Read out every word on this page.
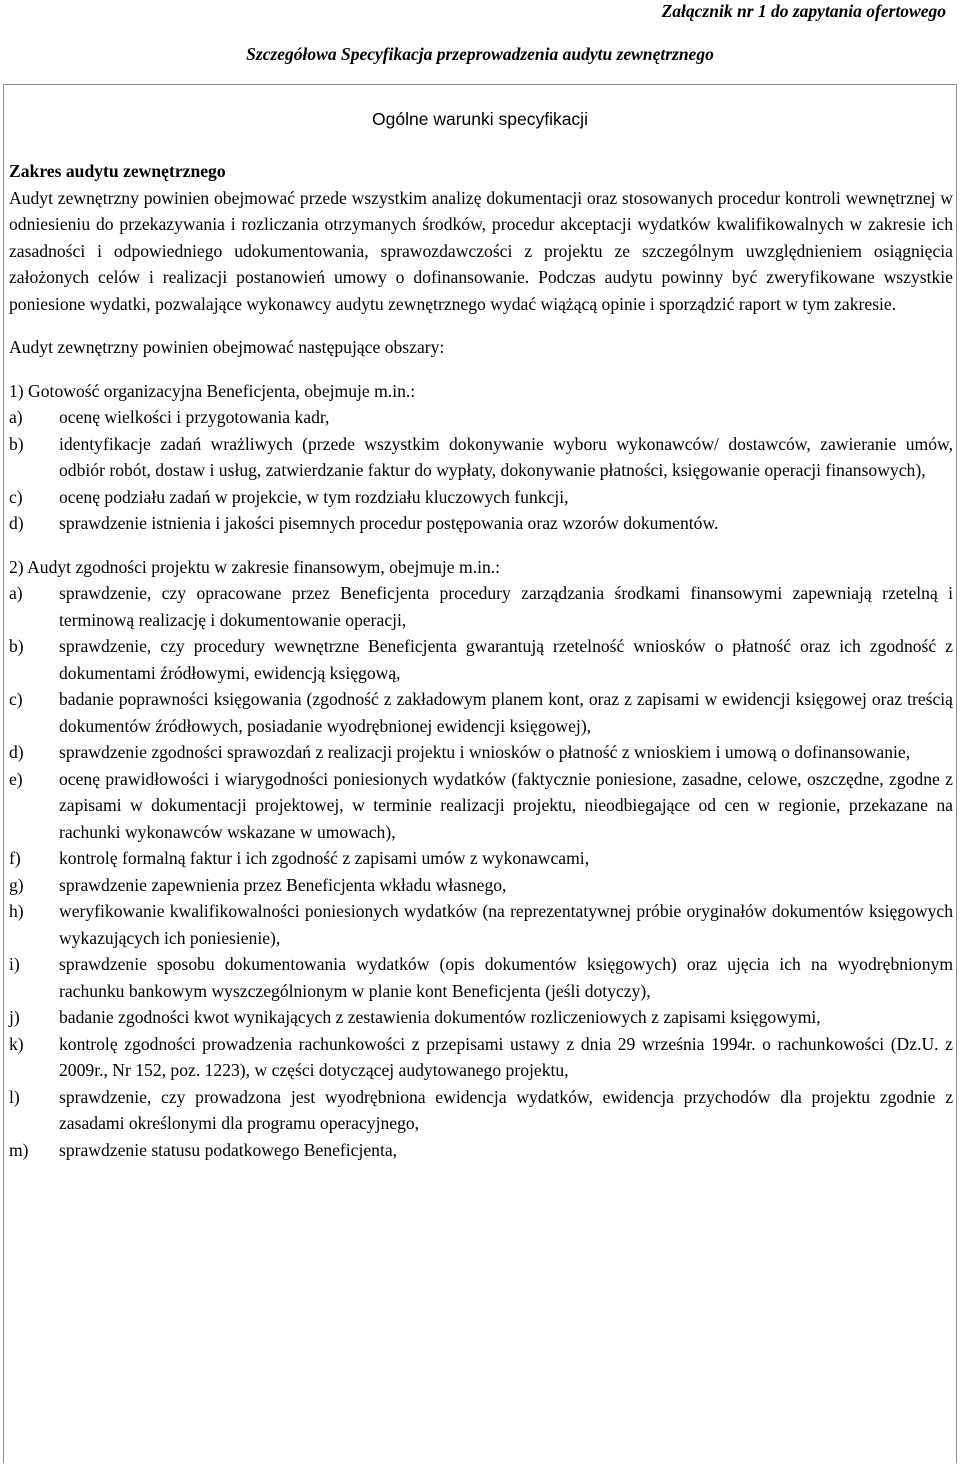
Załącznik nr 1 do zapytania ofertowego
Szczegółowa Specyfikacja przeprowadzenia audytu zewnętrznego
Ogólne warunki specyfikacji

Zakres audytu zewnętrznego

Audyt zewnętrzny powinien obejmować przede wszystkim analizę dokumentacji oraz stosowanych procedur kontroli wewnętrznej w odniesieniu do przekazywania i rozliczania otrzymanych środków, procedur akceptacji wydatków kwalifikowalnych w zakresie ich zasadności i odpowiedniego udokumentowania, sprawozdawczości z projektu ze szczególnym uwzględnieniem osiągnięcia założonych celów i realizacji postanowień umowy o dofinansowanie. Podczas audytu powinny być zweryfikowane wszystkie poniesione wydatki, pozwalające wykonawcy audytu zewnętrznego wydać wiążącą opinie i sporządzić raport w tym zakresie.

Audyt zewnętrzny powinien obejmować następujące obszary:

1) Gotowość organizacyjna Beneficjenta, obejmuje m.in.:

a) ocenę wielkości i przygotowania kadr,
b) identyfikacje zadań wrażliwych (przede wszystkim dokonywanie wyboru wykonawców/ dostawców, zawieranie umów, odbiór robót, dostaw i usług, zatwierdzanie faktur do wypłaty, dokonywanie płatności, księgowanie operacji finansowych),
c) ocenę podziału zadań w projekcie, w tym rozdziału kluczowych funkcji,
d) sprawdzenie istnienia i jakości pisemnych procedur postępowania oraz wzorów dokumentów.

2) Audyt zgodności projektu w zakresie finansowym, obejmuje m.in.:

a) sprawdzenie, czy opracowane przez Beneficjenta procedury zarządzania środkami finansowymi zapewniają rzetelną i terminową realizację i dokumentowanie operacji,
b) sprawdzenie, czy procedury wewnętrzne Beneficjenta gwarantują rzetelność wniosków o płatność oraz ich zgodność z dokumentami źródłowymi, ewidencją księgową,
c) badanie poprawności księgowania (zgodność z zakładowym planem kont, oraz z zapisami w ewidencji księgowej oraz treścią dokumentów źródłowych, posiadanie wyodrębnionej ewidencji księgowej),
d) sprawdzenie zgodności sprawozdań z realizacji projektu i wniosków o płatność z wnioskiem i umową o dofinansowanie,
e) ocenę prawidłowości i wiarygodności poniesionych wydatków (faktycznie poniesione, zasadne, celowe, oszczędne, zgodne z zapisami w dokumentacji projektowej, w terminie realizacji projektu, nieodbiegające od cen w regionie, przekazane na rachunki wykonawców wskazane w umowach),
f) kontrolę formalną faktur i ich zgodność z zapisami umów z wykonawcami,
g) sprawdzenie zapewnienia przez Beneficjenta wkładu własnego,
h) weryfikowanie kwalifikowalności poniesionych wydatków (na reprezentatywnej próbie oryginałów dokumentów księgowych wykazujących ich poniesienie),
i) sprawdzenie sposobu dokumentowania wydatków (opis dokumentów księgowych) oraz ujęcia ich na wyodrębnionym rachunku bankowym wyszczególnionym w planie kont Beneficjenta (jeśli dotyczy),
j) badanie zgodności kwot wynikających z zestawienia dokumentów rozliczeniowych z zapisami księgowymi,
k) kontrolę zgodności prowadzenia rachunkowości z przepisami ustawy z dnia 29 września 1994r. o rachunkowości (Dz.U. z 2009r., Nr 152, poz. 1223), w części dotyczącej audytowanego projektu,
l) sprawdzenie, czy prowadzona jest wyodrębniona ewidencja wydatków, ewidencja przychodów dla projektu zgodnie z zasadami określonymi dla programu operacyjnego,
m) sprawdzenie statusu podatkowego Beneficjenta,
